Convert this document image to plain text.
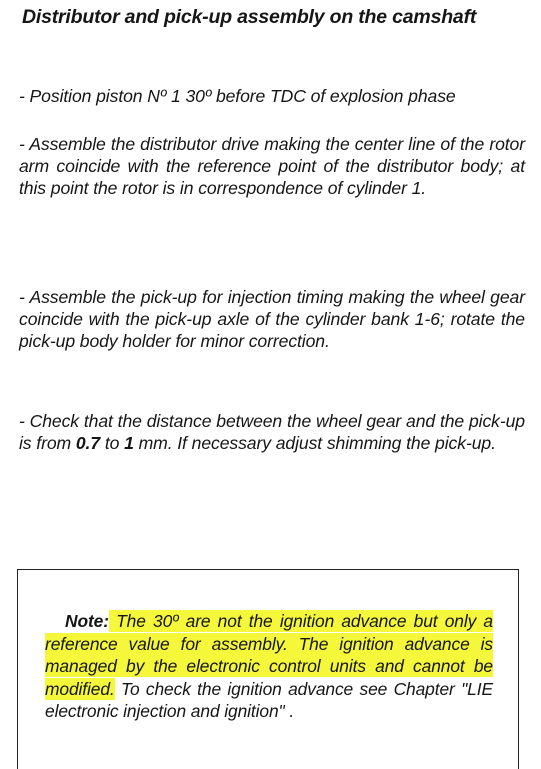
Distributor and pick-up assembly on the camshaft

- Position piston Nº 1 30º before TDC of explosion phase

- Assemble the distributor drive making the center line of the rotor arm coincide with the reference point of the distributor body; at this point the rotor is in correspondence of cylinder 1.

- Assemble the pick-up for injection timing making the wheel gear coincide with the pick-up axle of the cylinder bank 1-6; rotate the pick-up body holder for minor correction.

- Check that the distance between the wheel gear and the pick-up is from 0.7 to 1 mm. If necessary adjust shimming the pick-up.

Note: The 30º are not the ignition advance but only a reference value for assembly. The ignition advance is managed by the electronic control units and cannot be modified. To check the ignition advance see Chapter "LIE electronic injection and ignition" .
